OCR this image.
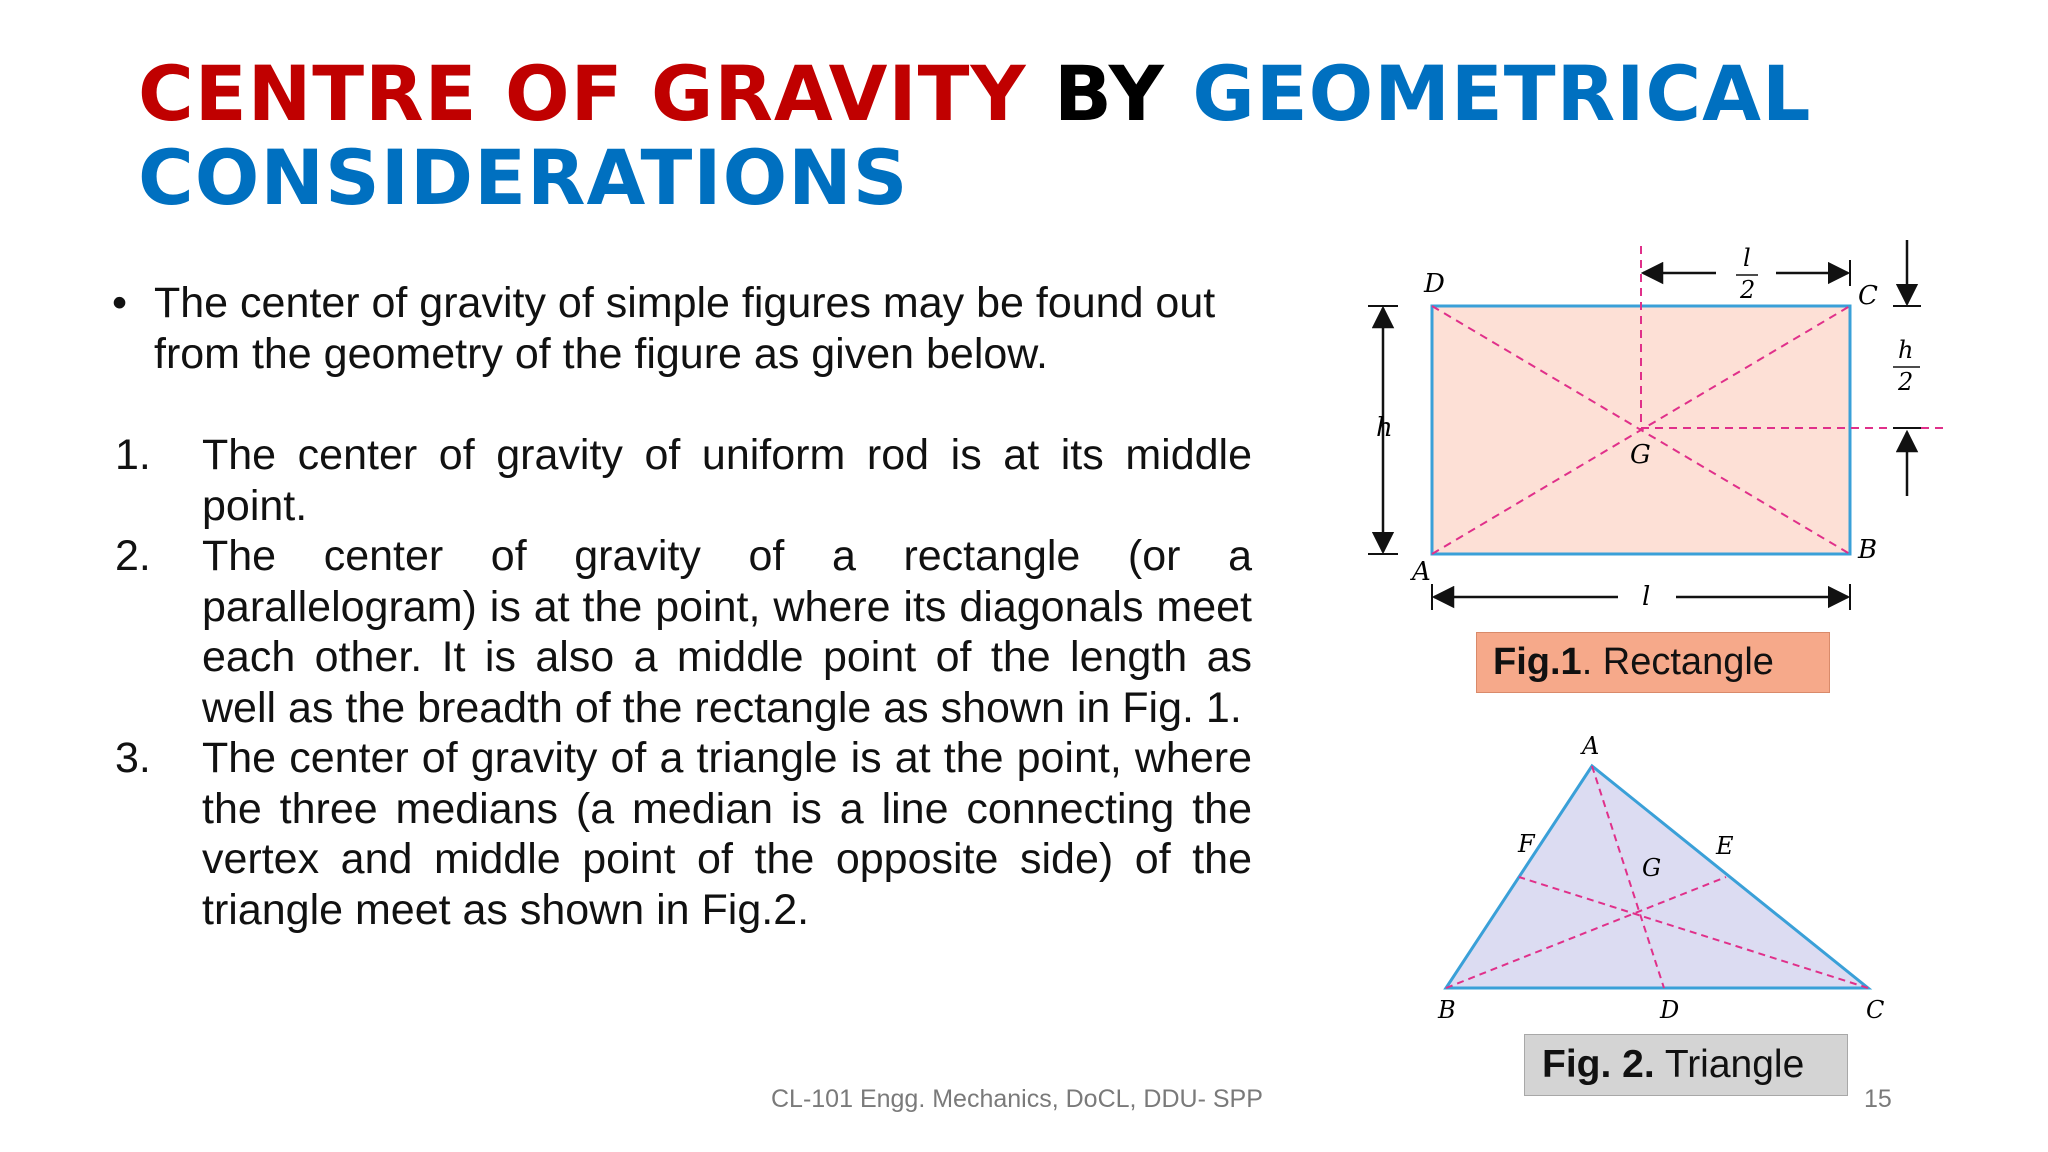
CENTRE OF GRAVITY BY GEOMETRICAL
CONSIDERATIONS
• The center of gravity of simple figures may be found out from the geometry of the figure as given below.
1. The center of gravity of uniform rod is at its middle point.
2. The center of gravity of a rectangle (or a parallelogram) is at the point, where its diagonals meet each other. It is also a middle point of the length as well as the breadth of the rectangle as shown in Fig. 1.
3. The center of gravity of a triangle is at the point, where the three medians (a median is a line connecting the vertex and middle point of the opposite side) of the triangle meet as shown in Fig.2.
D	C
A
B
G
h
l
l
2
h
2
Fig.1 . Rectangle
A
B	C
D
E
F
G
Fig. 2. Triangle
CL-101 Engg. Mechanics, DoCL, DDU- SPP	15
